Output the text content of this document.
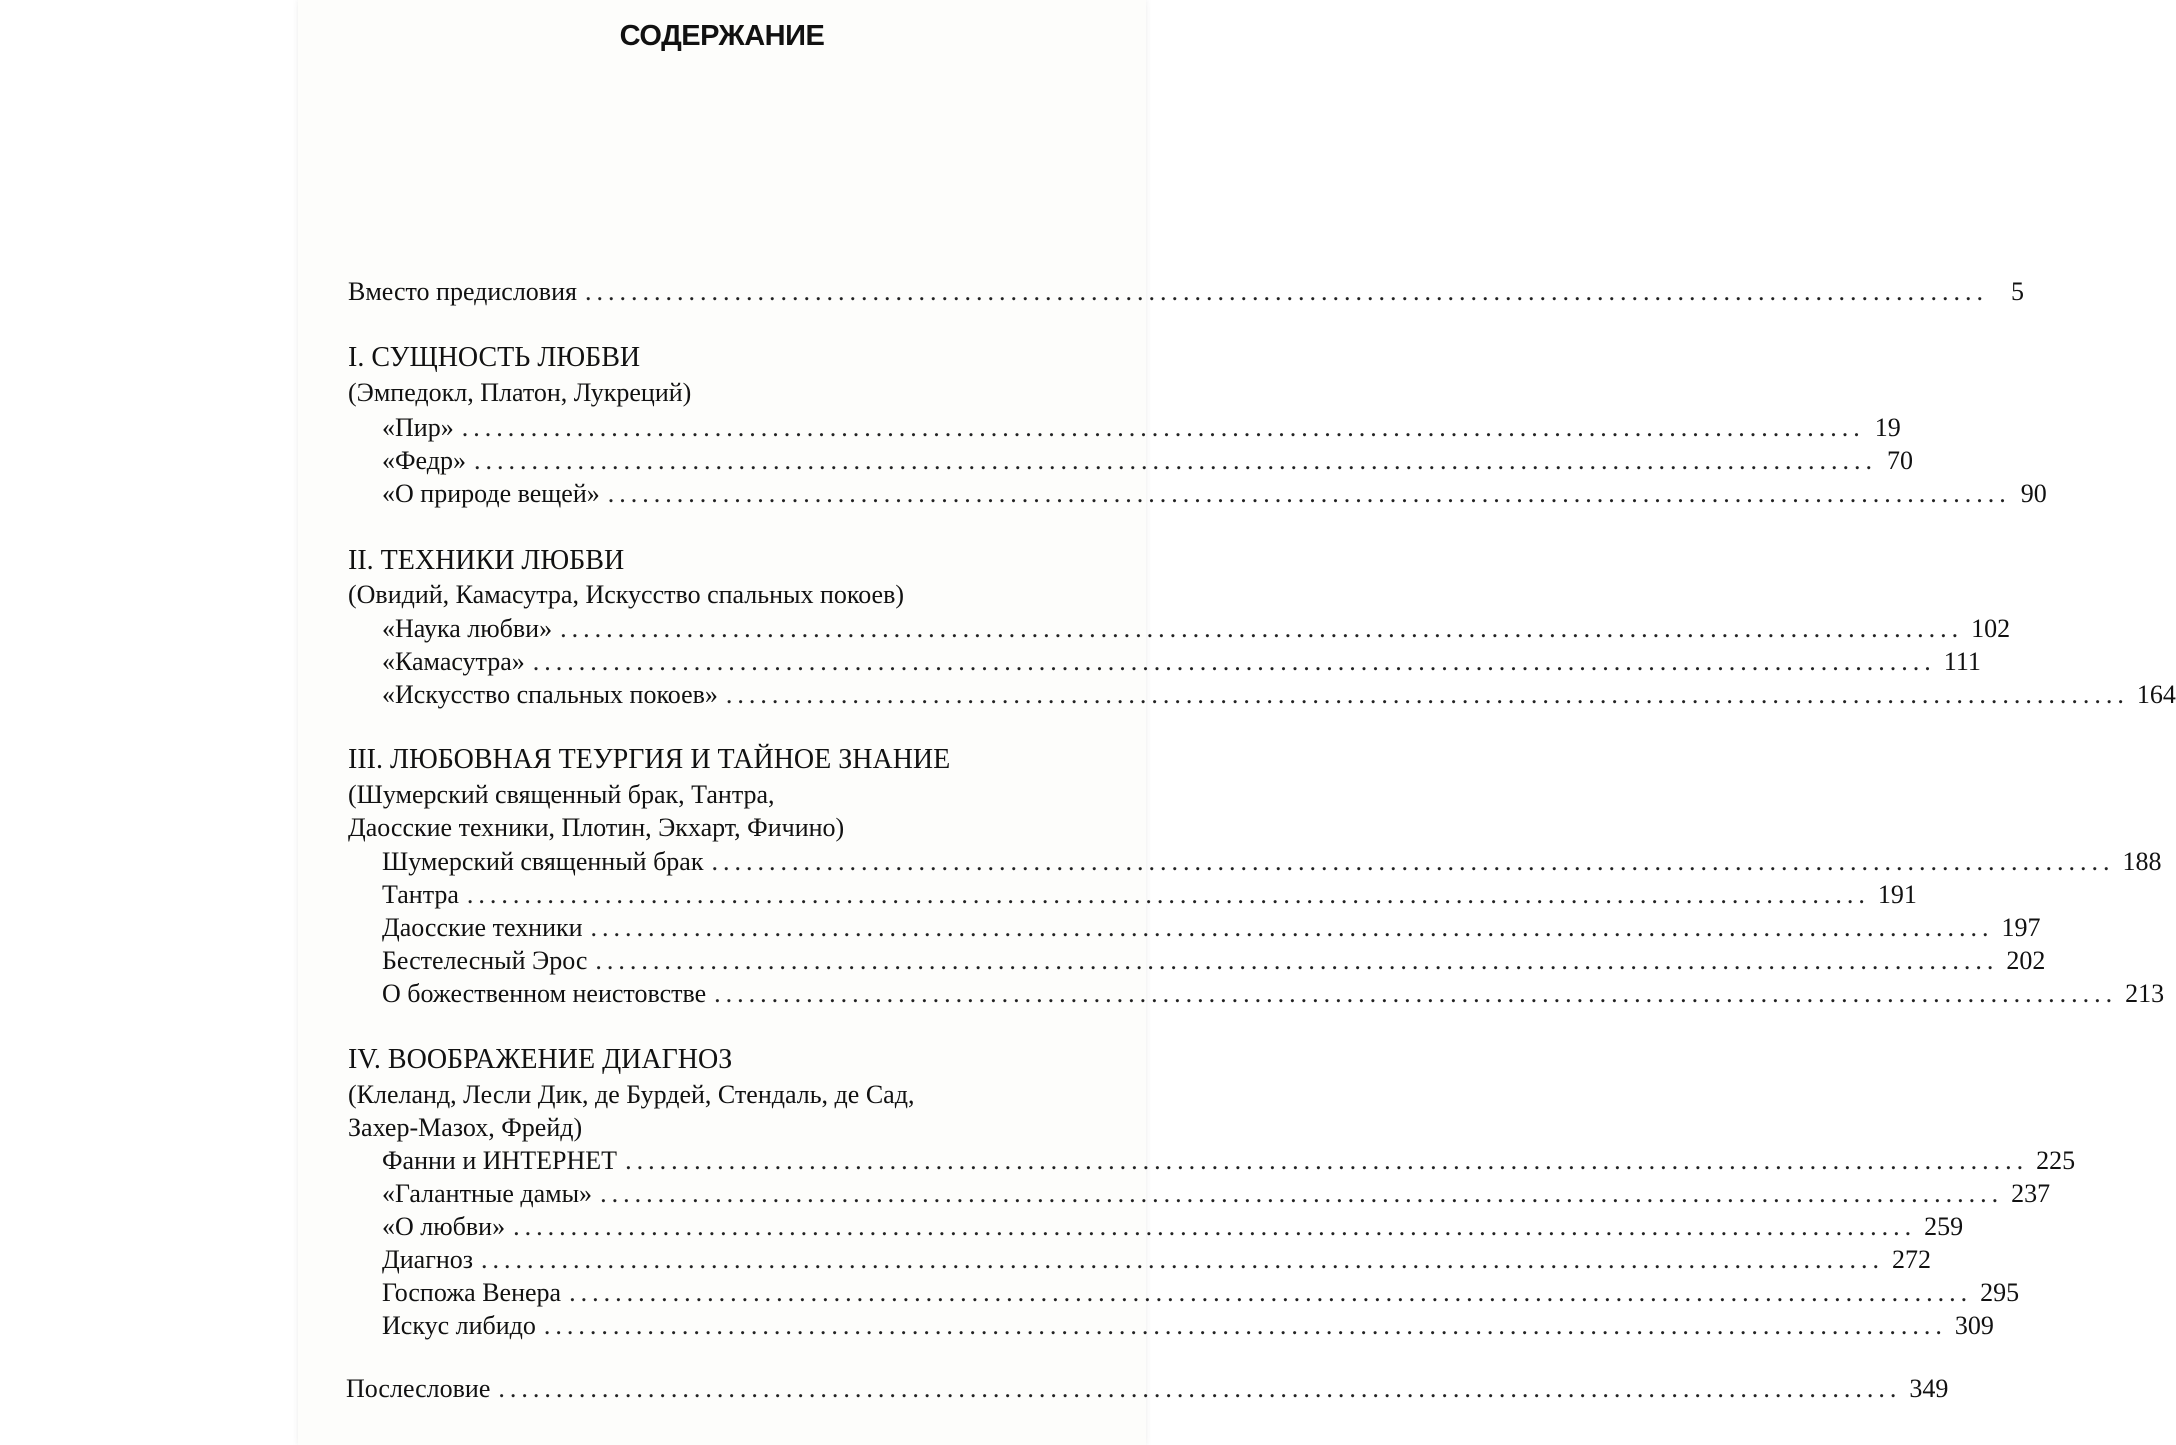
СОДЕРЖАНИЕ
Вместо предисловия .......................................................................................................................... 5
I. СУЩНОСТЬ ЛЮБВИ
(Эмпедокл, Платон, Лукреций)
«Пир» .......................................................................................................................... 19
«Федр» .......................................................................................................................... 70
«О природе вещей» .......................................................................................................................... 90
II. ТЕХНИКИ ЛЮБВИ
(Овидий, Камасутра, Искусство спальных покоев)
«Наука любви» .......................................................................................................................... 102
«Камасутра» .......................................................................................................................... 111
«Искусство спальных покоев» .......................................................................................................................... 164
III. ЛЮБОВНАЯ ТЕУРГИЯ И ТАЙНОЕ ЗНАНИЕ
(Шумерский священный брак, Тантра,
Даосские техники, Плотин, Экхарт, Фичино)
Шумерский священный брак .......................................................................................................................... 188
Тантра .......................................................................................................................... 191
Даосские техники .......................................................................................................................... 197
Бестелесный Эрос .......................................................................................................................... 202
О божественном неистовстве .......................................................................................................................... 213
IV. ВООБРАЖЕНИЕ ДИАГНОЗ
(Клеланд, Лесли Дик, де Бурдей, Стендаль, де Сад,
Захер-Мазох, Фрейд)
Фанни и ИНТЕРНЕТ .......................................................................................................................... 225
«Галантные дамы» .......................................................................................................................... 237
«О любви» .......................................................................................................................... 259
Диагноз .......................................................................................................................... 272
Госпожа Венера .......................................................................................................................... 295
Искус либидо .......................................................................................................................... 309
Послесловие .......................................................................................................................... 349
